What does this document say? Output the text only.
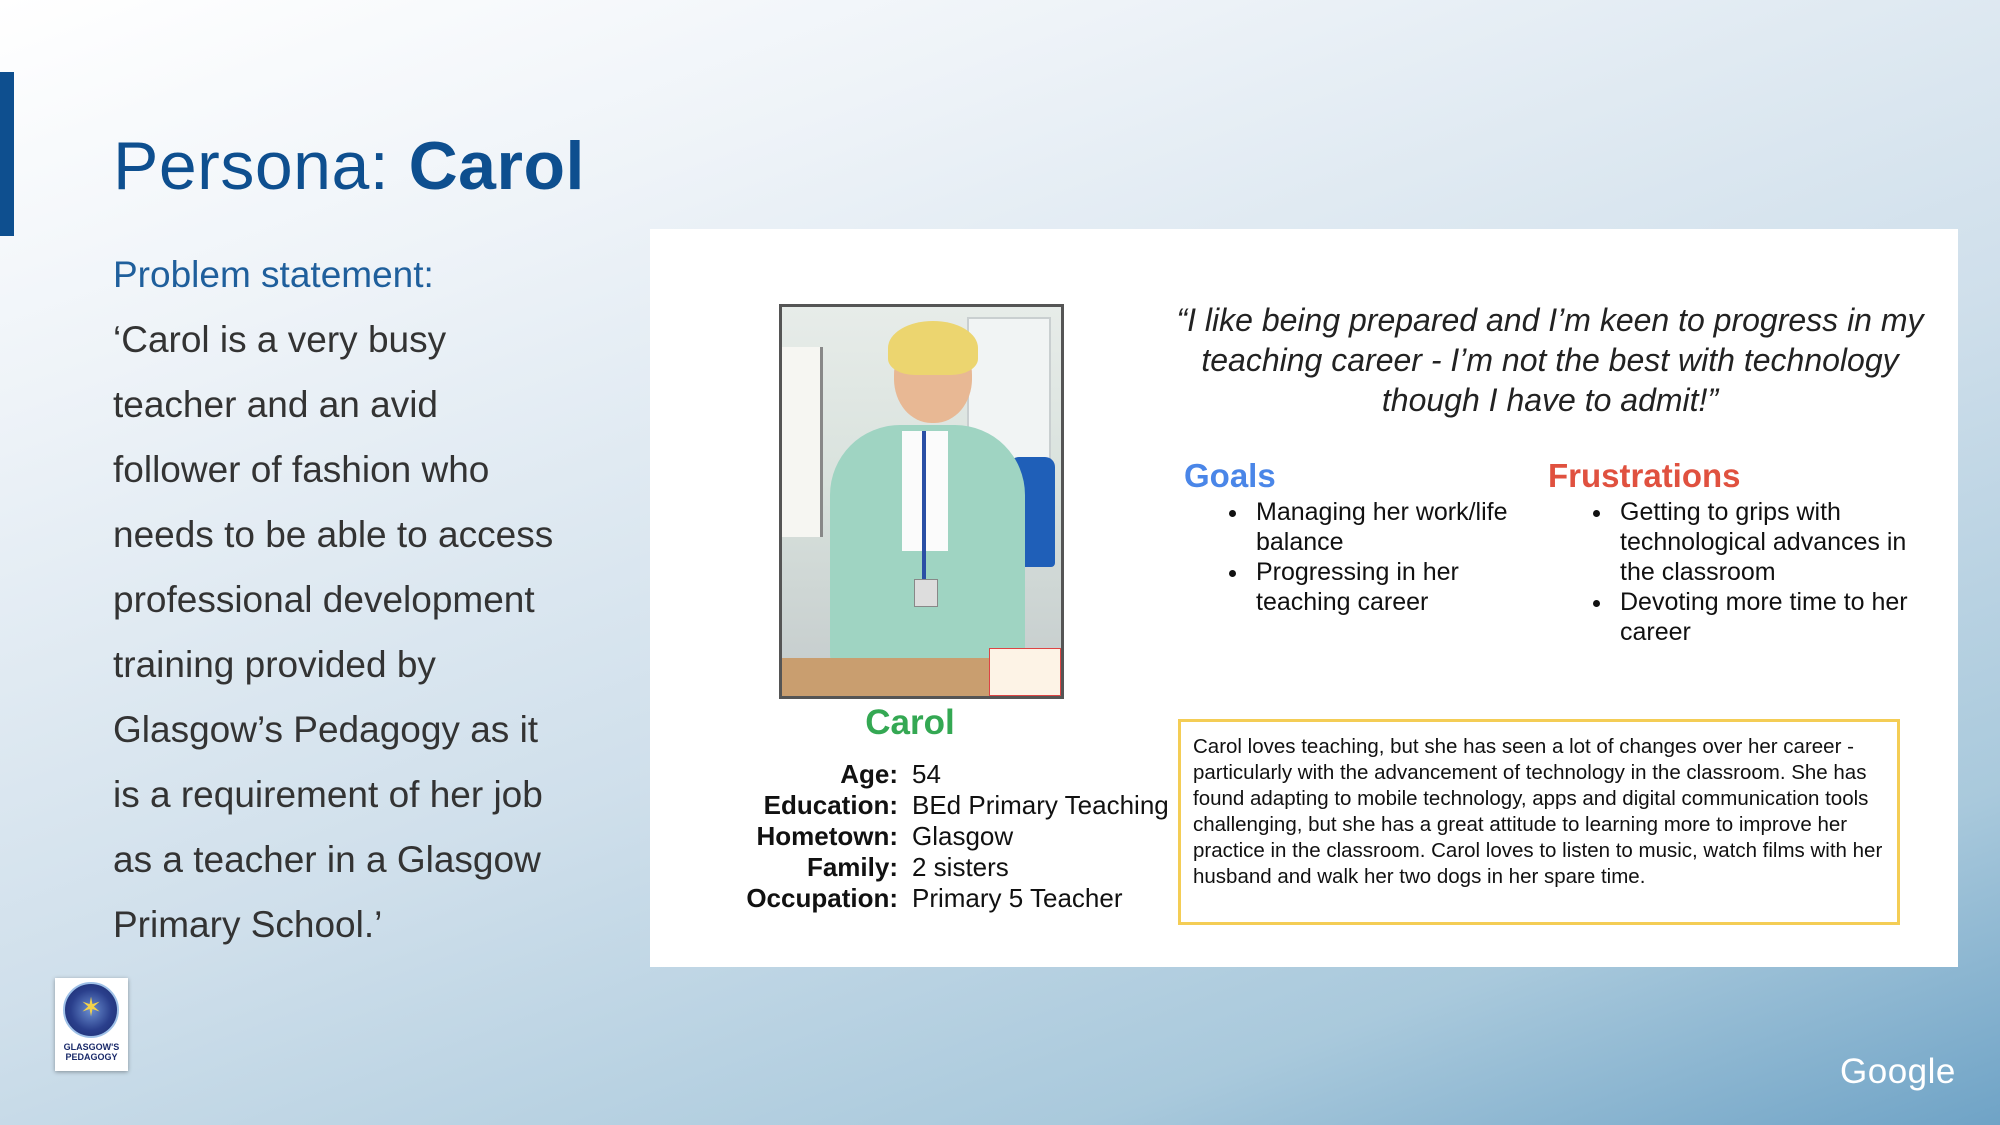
Persona: Carol
Problem statement:
‘Carol is a very busy
teacher and an avid
follower of fashion who
needs to be able to access
professional development
training provided by
Glasgow’s Pedagogy as it
is a requirement of her job
as a teacher in a Glasgow
Primary School.’
Carol
Age: 54
Education: BEd Primary Teaching
Hometown: Glasgow
Family: 2 sisters
Occupation: Primary 5 Teacher
“I like being prepared and I’m keen to progress in my teaching career - I’m not the best with technology though I have to admit!”
Goals
• Managing her work/life balance
• Progressing in her teaching career
Frustrations
• Getting to grips with technological advances in the classroom
• Devoting more time to her career
Carol loves teaching, but she has seen a lot of changes over her career - particularly with the advancement of technology in the classroom. She has found adapting to mobile technology, apps and digital communication tools challenging, but she has a great attitude to learning more to improve her practice in the classroom. Carol loves to listen to music, watch films with her husband and walk her two dogs in her spare time.
✶
GLASGOW'S
PEDAGOGY	Google
